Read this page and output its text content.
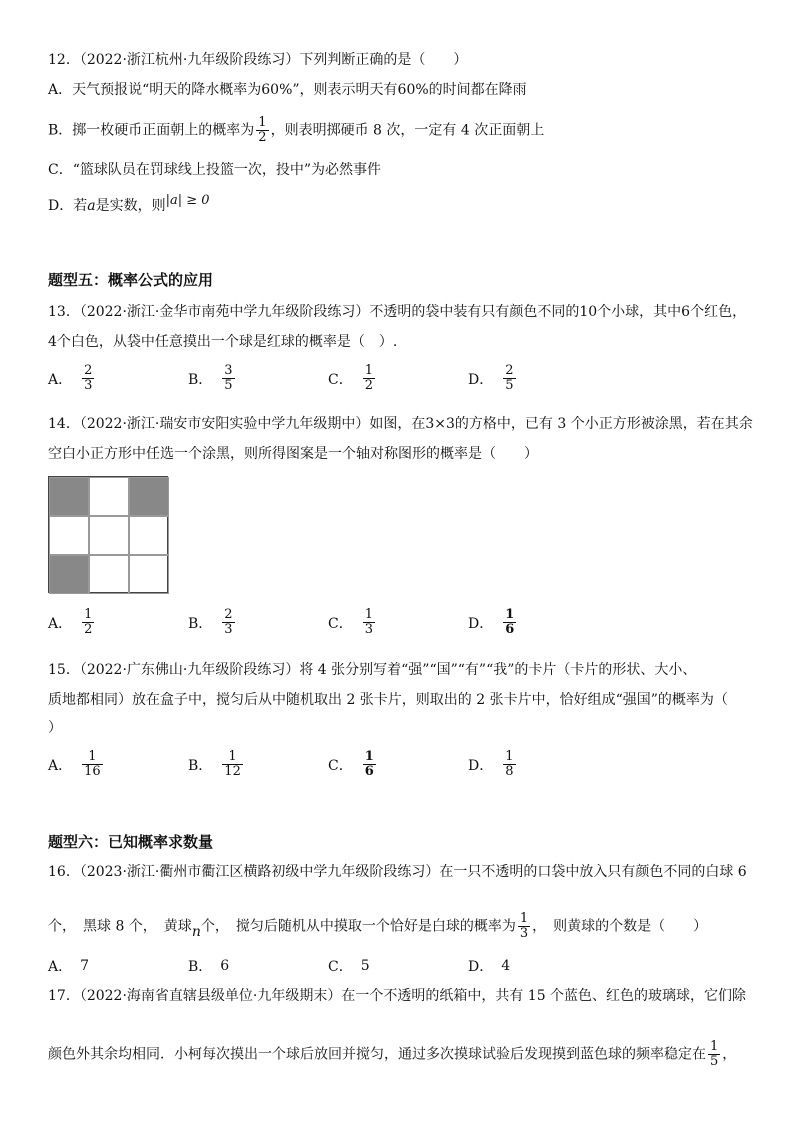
12．（2022·浙江杭州·九年级阶段练习）下列判断正确的是（　　）
A．天气预报说“明天的降水概率为60%”，则表示明天有60%的时间都在降雨
B．掷一枚硬币正面朝上的概率为 $\frac{1}{2}$ ，则表明掷硬币 8 次，一定有 4 次正面朝上
C．“篮球队员在罚球线上投篮一次，投中”为必然事件
D．若a是实数，则|a| ≥ 0
题型五：概率公式的应用
13．（2022·浙江·金华市南苑中学九年级阶段练习）不透明的袋中装有只有颜色不同的10个小球，其中6个红色，
4个白色，从袋中任意摸出一个球是红球的概率是（　）.
A． $\frac{2}{3}$	B． $\frac{3}{5}$	C． $\frac{1}{2}$	D． $\frac{2}{5}$
14．（2022·浙江·瑞安市安阳实验中学九年级期中）如图，在3×3的方格中，已有 3 个小正方形被涂黑，若在其余
空白小正方形中任选一个涂黑，则所得图案是一个轴对称图形的概率是（　　）
A． $\frac{1}{2}$	B． $\frac{2}{3}$	C． $\frac{1}{3}$	D． $\frac{1}{6}$
15．（2022·广东佛山·九年级阶段练习）将 4 张分别写着“强”“国”“有”“我”的卡片（卡片的形状、大小、
质地都相同）放在盒子中，搅匀后从中随机取出 2 张卡片，则取出的 2 张卡片中，恰好组成“强国”的概率为（
）
A． $\frac{1}{16}$	B． $\frac{1}{12}$	C． $\frac{1}{6}$	D． $\frac{1}{8}$
题型六：已知概率求数量
16．（2023·浙江·衢州市衢江区横路初级中学九年级阶段练习）在一只不透明的口袋中放入只有颜色不同的白球 6
个，　黑球 8 个，　黄球n个，　搅匀后随机从中摸取一个恰好是白球的概率为 $\frac{1}{3}$ ，　则黄球的个数是（　　）
A． 7	B． 6	C． 5	D． 4
17．（2022·海南省直辖县级单位·九年级期末）在一个不透明的纸箱中，共有 15 个蓝色、红色的玻璃球，它们除
颜色外其余均相同．小柯每次摸出一个球后放回并搅匀，通过多次摸球试验后发现摸到蓝色球的频率稳定在 $\frac{1}{5}$ ，
